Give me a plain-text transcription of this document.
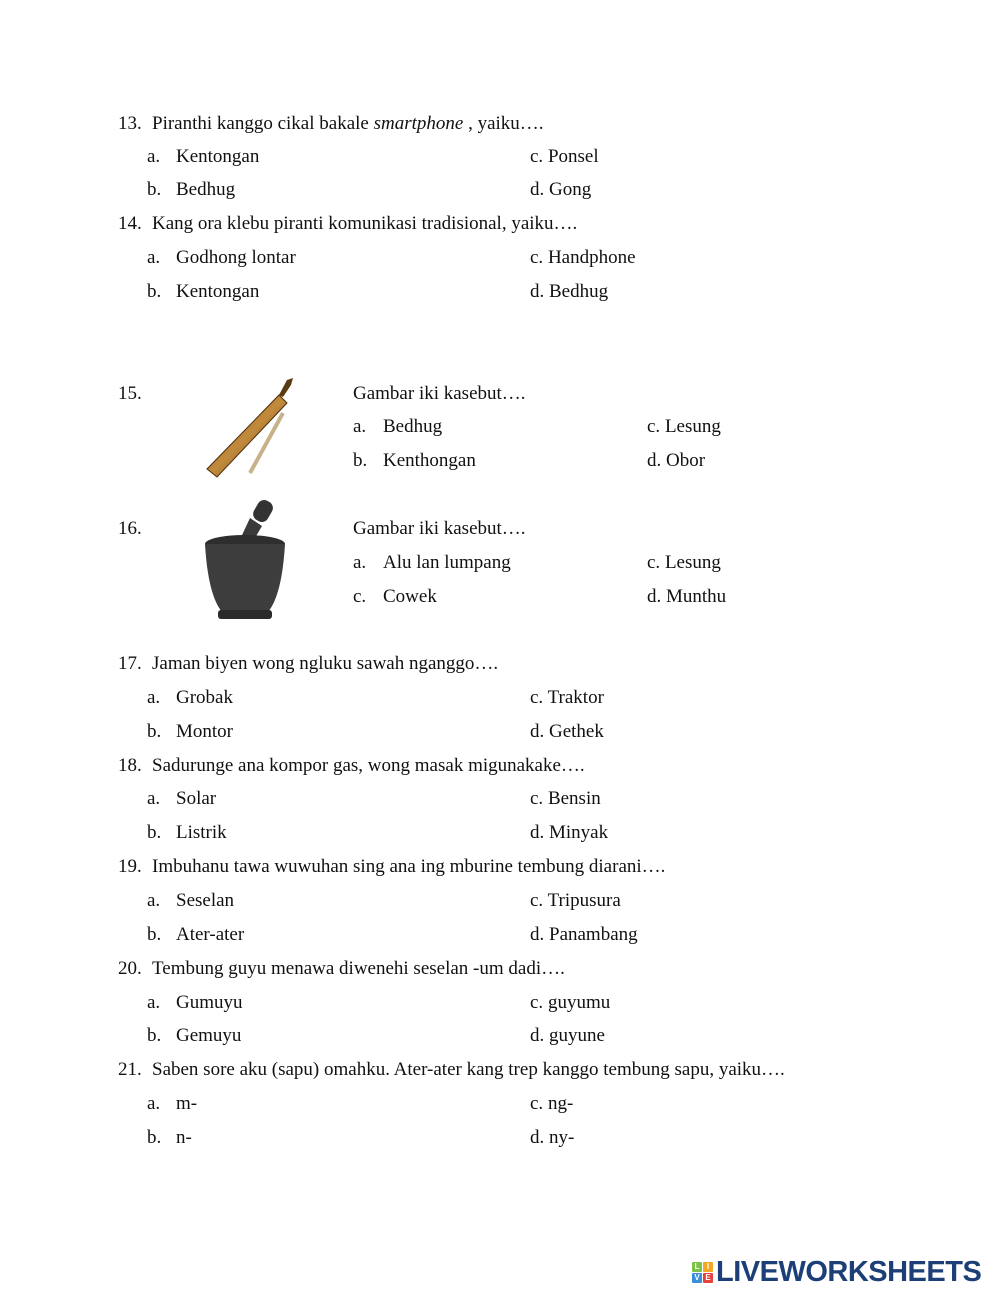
L I
V E LIVEWORKSHEETS
13. Piranthi kanggo cikal bakale smartphone , yaiku….
a. Kentongan
b. Bedhug
c. Ponsel
d. Gong
14. Kang ora klebu piranti komunikasi tradisional, yaiku….
a. Godhong lontar
b. Kentongan
c. Handphone
d. Bedhug
15.	Gambar iki kasebut….
a. Bedhug
b. Kenthongan
c. Lesung
d. Obor
16.	Gambar iki kasebut….
a. Alu lan lumpang
c. Cowek
c. Lesung
d. Munthu
17. Jaman biyen wong ngluku sawah nganggo….
a. Grobak
b. Montor
c. Traktor
d. Gethek
18. Sadurunge ana kompor gas, wong masak migunakake….
a. Solar
b. Listrik
c. Bensin
d. Minyak
19. Imbuhanu tawa wuwuhan sing ana ing mburine tembung diarani….
a. Seselan
b. Ater-ater
c. Tripusura
d. Panambang
20. Tembung guyu menawa diwenehi seselan -um dadi….
a. Gumuyu
b. Gemuyu
c. guyumu
d. guyune
21. Saben sore aku (sapu) omahku. Ater-ater kang trep kanggo tembung sapu, yaiku….
a. m-
b. n-
c. ng-
d. ny-
